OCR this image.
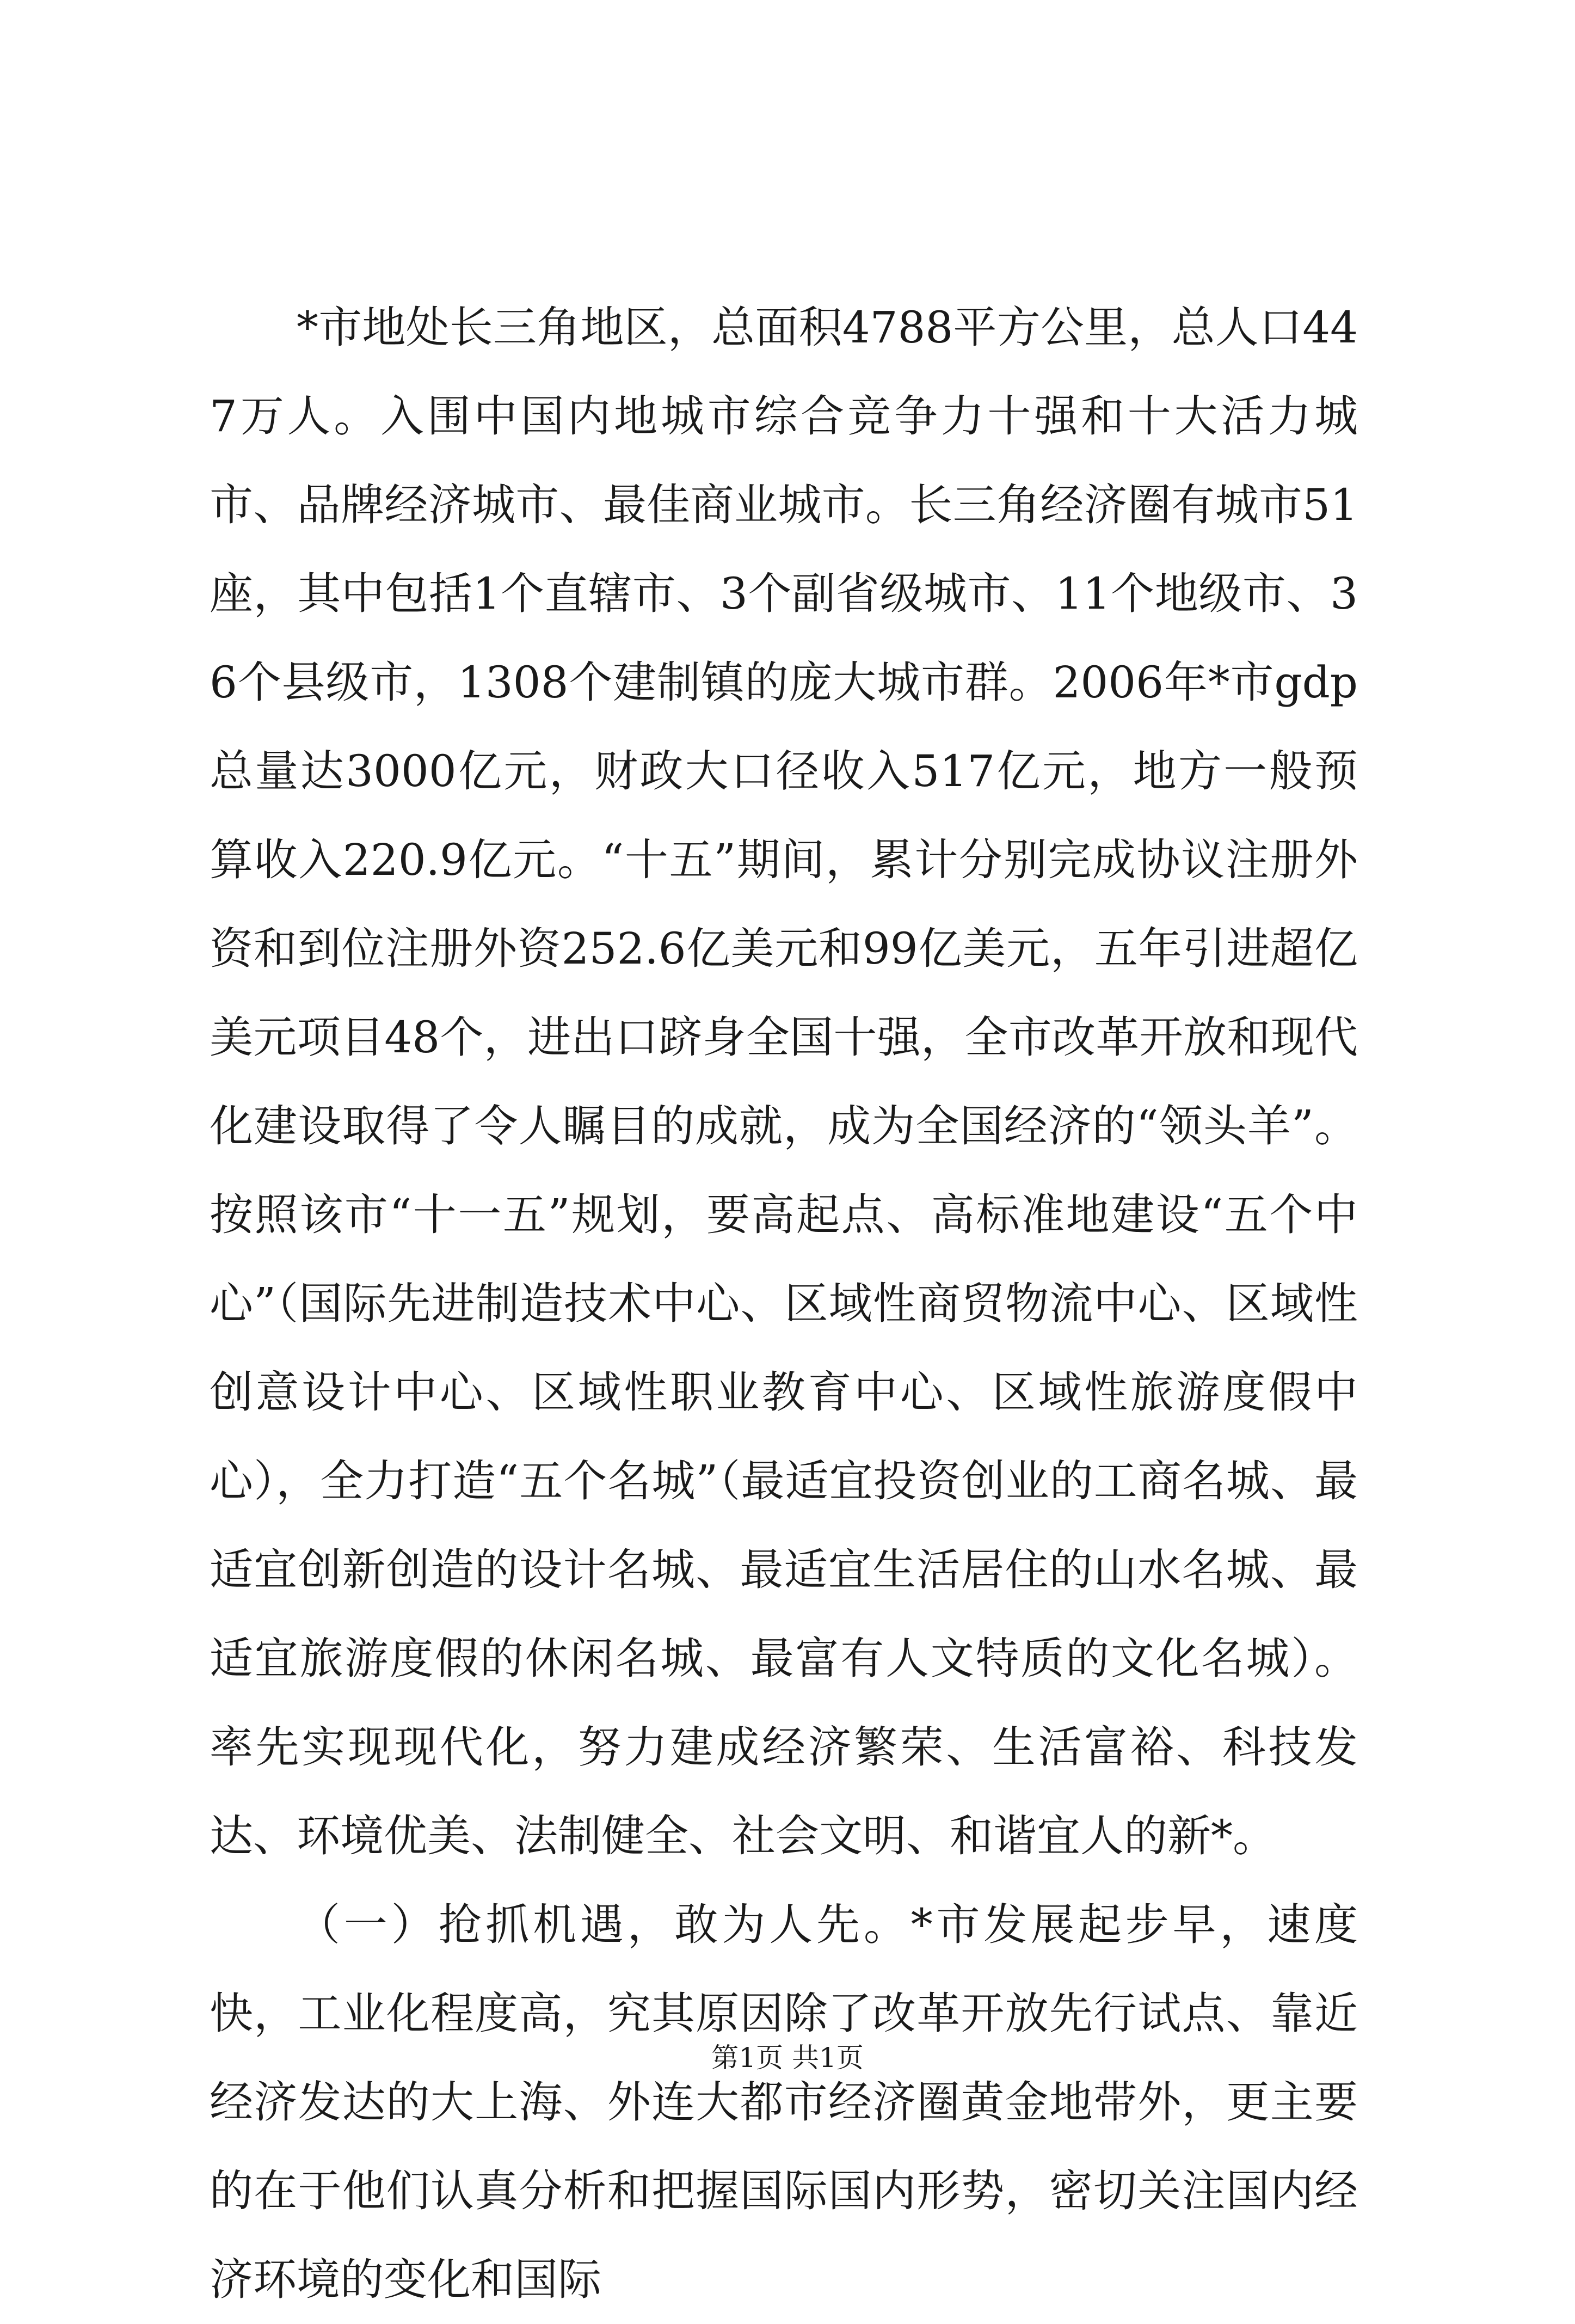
*市地处长三角地区，总面积4788平方公里，总人口447万人。入围中国内地城市综合竞争力十强和十大活力城市、品牌经济城市、最佳商业城市。长三角经济圈有城市51座，其中包括1个直辖市、3个副省级城市、11个地级市、36个县级市，1308个建制镇的庞大城市群。2006年*市gdp总量达3000亿元，财政大口径收入517亿元，地方一般预算收入220.9亿元。“十五”期间，累计分别完成协议注册外资和到位注册外资252.6亿美元和99亿美元，五年引进超亿美元项目48个，进出口跻身全国十强，全市改革开放和现代化建设取得了令人瞩目的成就，成为全国经济的“领头羊”。按照该市“十一五”规划，要高起点、高标准地建设“五个中心”（国际先进制造技术中心、区域性商贸物流中心、区域性创意设计中心、区域性职业教育中心、区域性旅游度假中心），全力打造“五个名城”（最适宜投资创业的工商名城、最适宜创新创造的设计名城、最适宜生活居住的山水名城、最适宜旅游度假的休闲名城、最富有人文特质的文化名城）。率先实现现代化，努力建成经济繁荣、生活富裕、科技发达、环境优美、法制健全、社会文明、和谐宜人的新*。

（一）抢抓机遇，敢为人先。*市发展起步早，速度快，工业化程度高，究其原因除了改革开放先行试点、靠近经济发达的大上海、外连大都市经济圈黄金地带外，更主要的在于他们认真分析和把握国际国内形势，密切关注国内经济环境的变化和国际

第1页 共1页
